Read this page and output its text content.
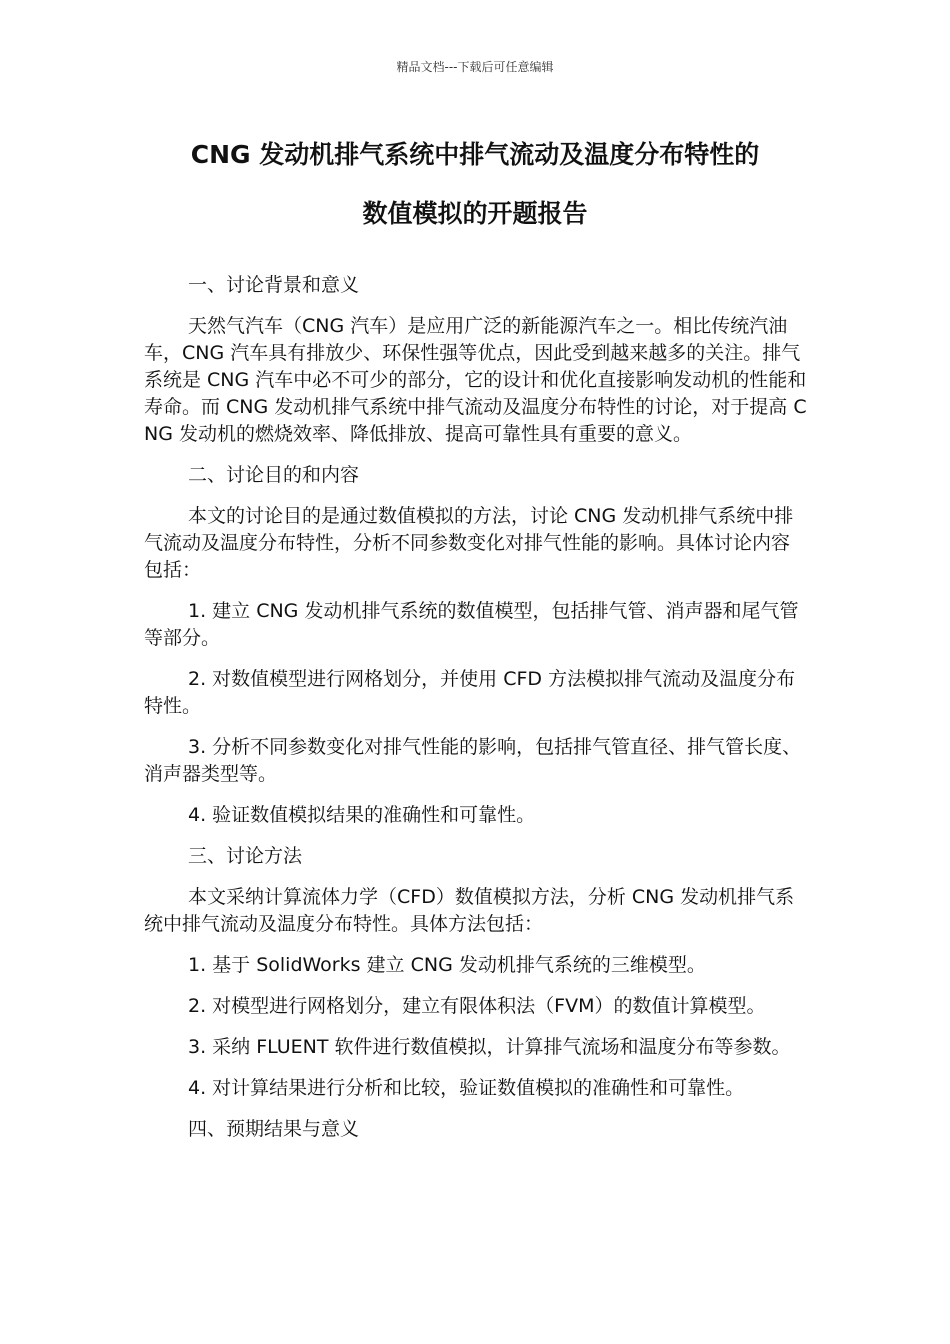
精品文档---下载后可任意编辑
CNG 发动机排气系统中排气流动及温度分布特性的
数值模拟的开题报告

一、讨论背景和意义

天然气汽车（CNG 汽车）是应用广泛的新能源汽车之一。相比传统汽油车，CNG 汽车具有排放少、环保性强等优点，因此受到越来越多的关注。排气系统是 CNG 汽车中必不可少的部分，它的设计和优化直接影响发动机的性能和寿命。而 CNG 发动机排气系统中排气流动及温度分布特性的讨论，对于提高 CNG 发动机的燃烧效率、降低排放、提高可靠性具有重要的意义。

二、讨论目的和内容

本文的讨论目的是通过数值模拟的方法，讨论 CNG 发动机排气系统中排气流动及温度分布特性，分析不同参数变化对排气性能的影响。具体讨论内容包括：

1. 建立 CNG 发动机排气系统的数值模型，包括排气管、消声器和尾气管等部分。

2. 对数值模型进行网格划分，并使用 CFD 方法模拟排气流动及温度分布特性。

3. 分析不同参数变化对排气性能的影响，包括排气管直径、排气管长度、消声器类型等。

4. 验证数值模拟结果的准确性和可靠性。

三、讨论方法

本文采纳计算流体力学（CFD）数值模拟方法，分析 CNG 发动机排气系统中排气流动及温度分布特性。具体方法包括：

1. 基于 SolidWorks 建立 CNG 发动机排气系统的三维模型。

2. 对模型进行网格划分，建立有限体积法（FVM）的数值计算模型。

3. 采纳 FLUENT 软件进行数值模拟，计算排气流场和温度分布等参数。

4. 对计算结果进行分析和比较，验证数值模拟的准确性和可靠性。

四、预期结果与意义
